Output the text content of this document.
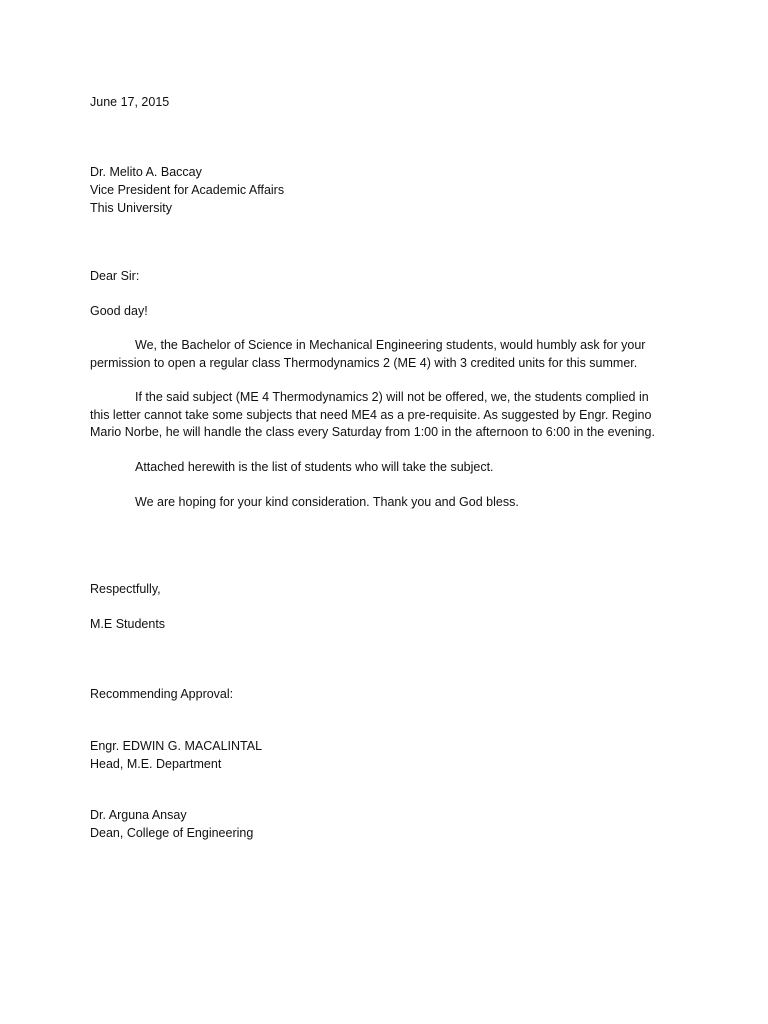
June 17, 2015
Dr. Melito A. Baccay
Vice President for Academic Affairs
This University
Dear Sir:
Good day!
We, the Bachelor of Science in Mechanical Engineering students, would humbly ask for your
permission to open a regular class Thermodynamics 2 (ME 4) with 3 credited units for this summer.
If the said subject (ME 4 Thermodynamics 2) will not be offered, we, the students complied in
this letter cannot take some subjects that need ME4 as a pre-requisite. As suggested by Engr. Regino
Mario Norbe, he will handle the class every Saturday from 1:00 in the afternoon to 6:00 in the evening.
Attached herewith is the list of students who will take the subject.
We are hoping for your kind consideration. Thank you and God bless.
Respectfully,
M.E Students
Recommending Approval:
Engr. EDWIN G. MACALINTAL
Head, M.E. Department
Dr. Arguna Ansay
Dean, College of Engineering
